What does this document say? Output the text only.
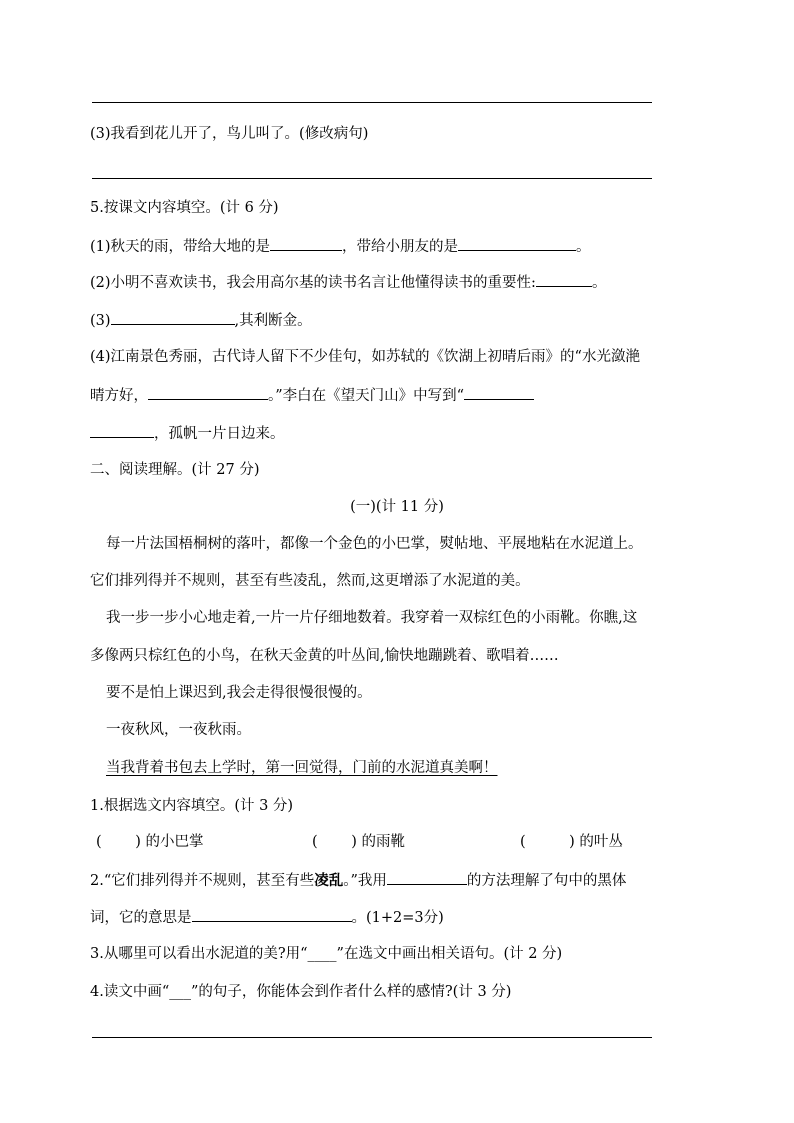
(3)我看到花儿开了，鸟儿叫了。(修改病句)
5.按课文内容填空。(计 6 分)
(1)秋天的雨，带给大地的是	，带给小朋友的是	。
(2)小明不喜欢读书，我会用高尔基的读书名言让他懂得读书的重要性:	。
(3)	,其利断金。
(4)江南景色秀丽，古代诗人留下不少佳句，如苏轼的《饮湖上初晴后雨》的“水光潋滟
晴方好，	。”李白在《望天门山》中写到“
，孤帆一片日边来。
二、阅读理解。(计 27 分)
(一)(计 11 分)
每一片法国梧桐树的落叶，都像一个金色的小巴掌，熨帖地、平展地粘在水泥道上。
它们排列得并不规则，甚至有些凌乱，然而,这更增添了水泥道的美。
我一步一步小心地走着,一片一片仔细地数着。我穿着一双棕红色的小雨靴。你瞧,这
多像两只棕红色的小鸟，在秋天金黄的叶丛间,愉快地蹦跳着、歌唱着……
要不是怕上课迟到,我会走得很慢很慢的。
一夜秋风，一夜秋雨。
当我背着书包去上学时，第一回觉得，门前的水泥道真美啊！
1.根据选文内容填空。(计 3 分)
(　　 ) 的小巴掌	(　　 ) 的雨靴	(　　　) 的叶丛
2.“它们排列得并不规则，甚至有些凌乱。”我用	的方法理解了句中的黑体
词，它的意思是	。(1+2=3分)
3.从哪里可以看出水泥道的美?用“____”在选文中画出相关语句。(计 2 分)
4.读文中画“___”的句子，你能体会到作者什么样的感情?(计 3 分)
